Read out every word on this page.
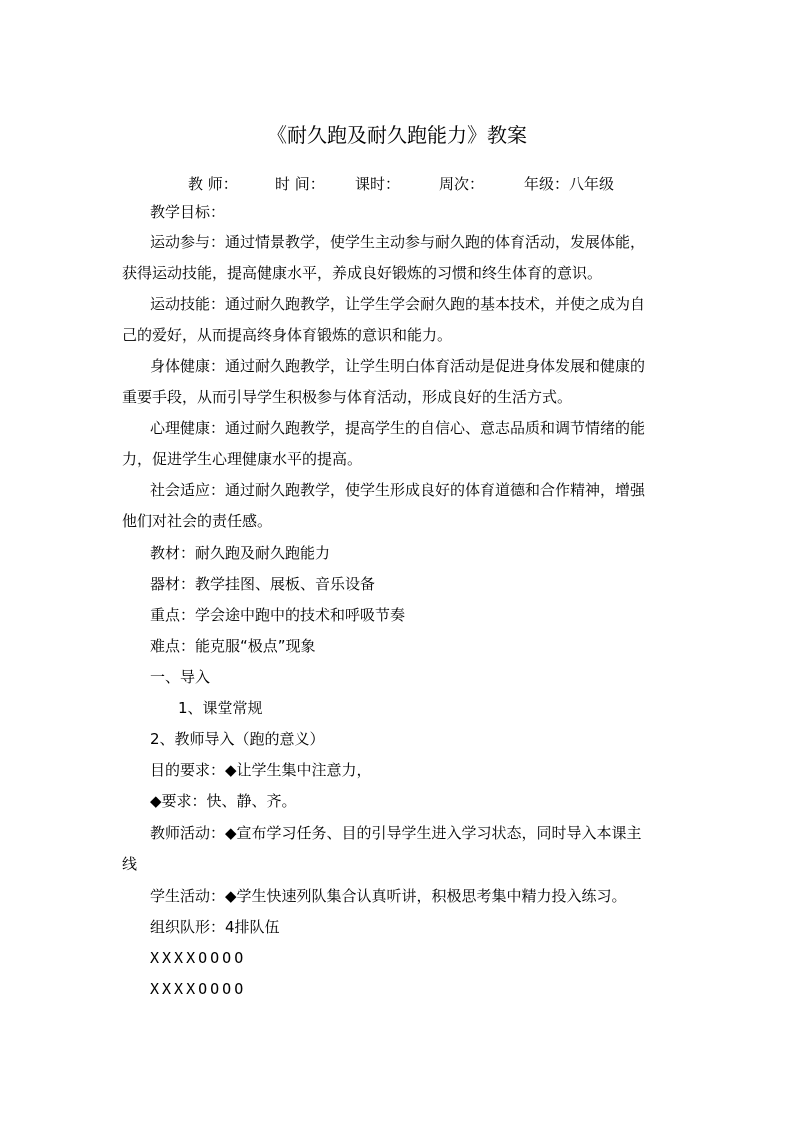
《耐久跑及耐久跑能力》教案
教 师： 时 间： 课时：	周次：	年级：八年级
教学目标：
运动参与：通过情景教学，使学生主动参与耐久跑的体育活动，发展体能，
获得运动技能，提高健康水平，养成良好锻炼的习惯和终生体育的意识。
运动技能：通过耐久跑教学，让学生学会耐久跑的基本技术，并使之成为自
己的爱好，从而提高终身体育锻炼的意识和能力。
身体健康：通过耐久跑教学，让学生明白体育活动是促进身体发展和健康的
重要手段，从而引导学生积极参与体育活动，形成良好的生活方式。
心理健康：通过耐久跑教学，提高学生的自信心、意志品质和调节情绪的能
力，促进学生心理健康水平的提高。
社会适应：通过耐久跑教学，使学生形成良好的体育道德和合作精神，增强
他们对社会的责任感。
教材：耐久跑及耐久跑能力
器材：教学挂图、展板、音乐设备
重点：学会途中跑中的技术和呼吸节奏
难点：能克服“极点”现象
一、导入
1、课堂常规
2、教师导入（跑的意义）
目的要求：◆让学生集中注意力，
◆要求：快、静、齐。
教师活动：◆宣布学习任务、目的引导学生进入学习状态，同时导入本课主
线
学生活动：◆学生快速列队集合认真听讲，积极思考集中精力投入练习。
组织队形：4排队伍
XXXXOOOO
XXXXOOOO
